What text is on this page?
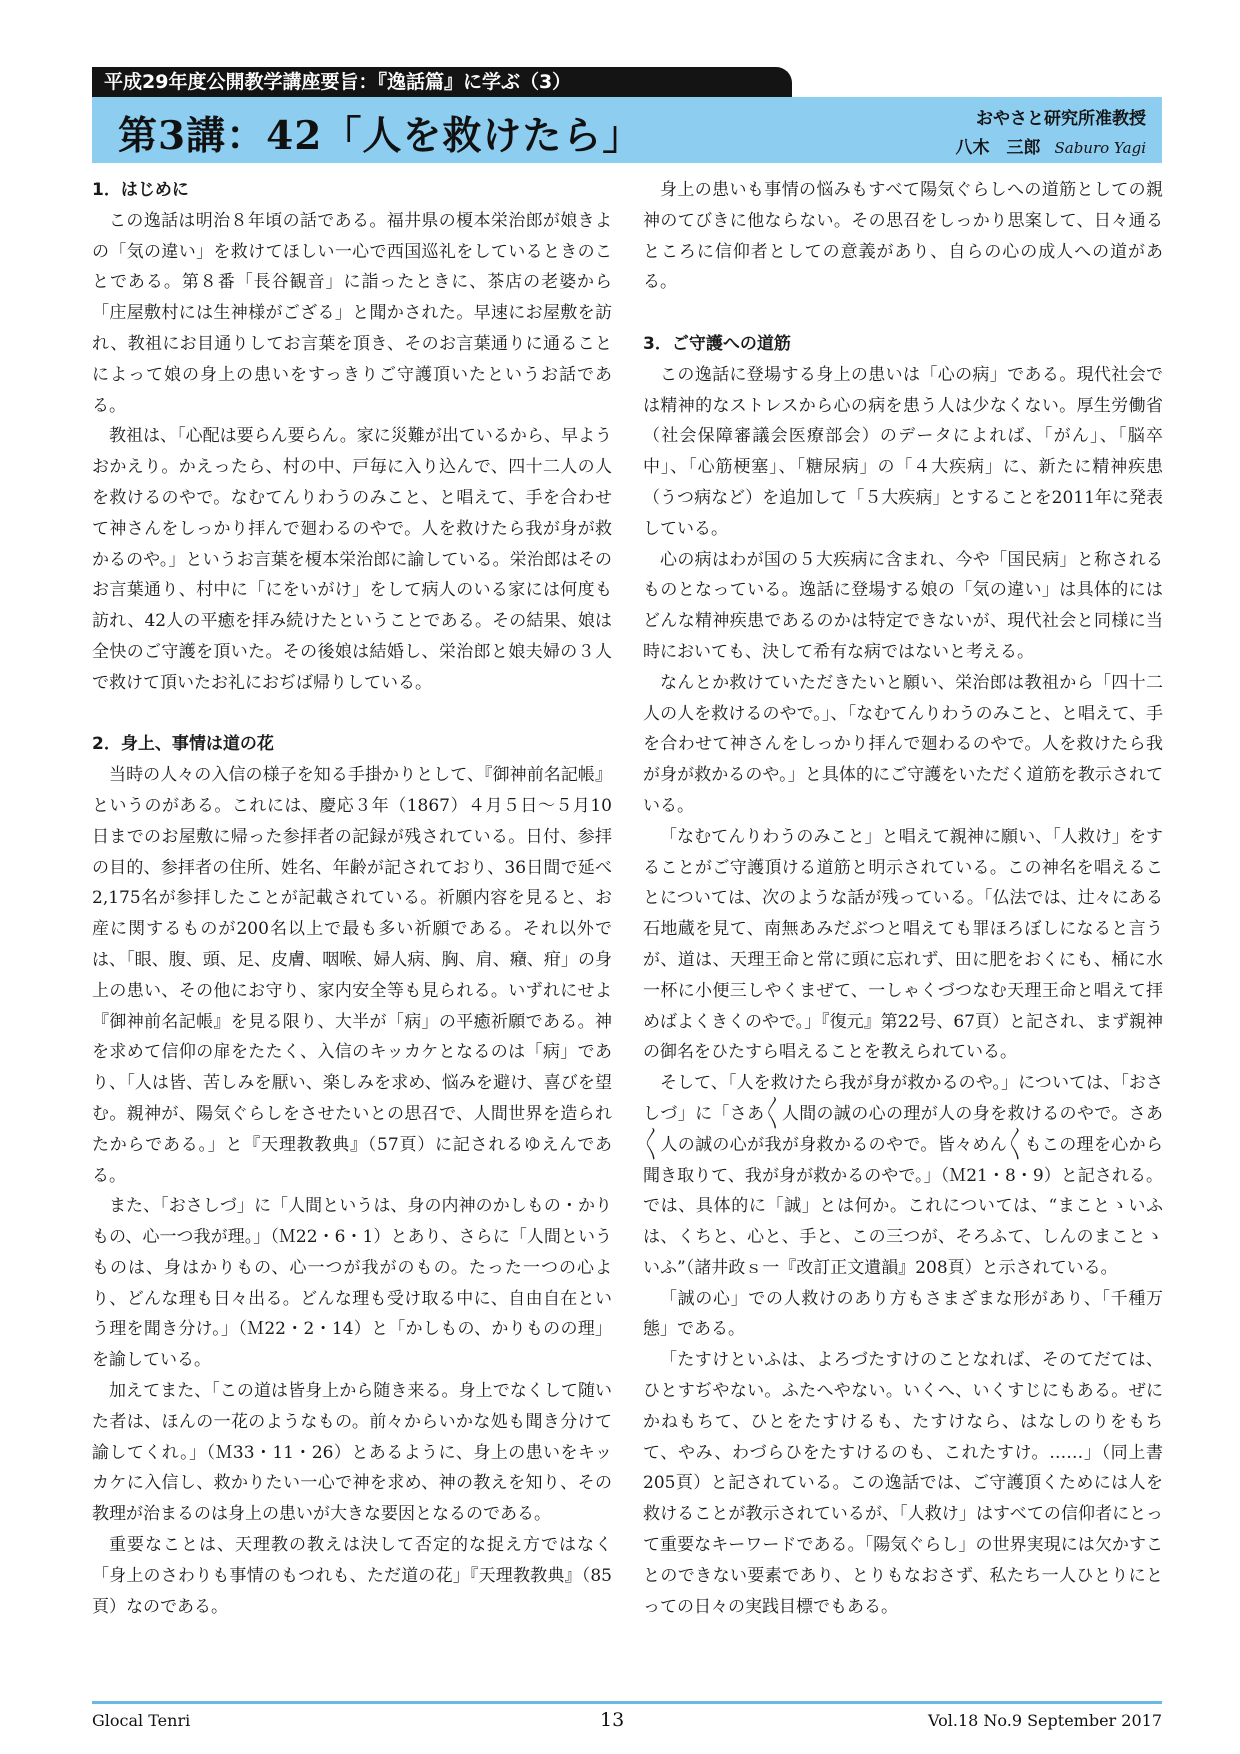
平成29年度公開教学講座要旨：『逸話篇』に学ぶ（3）
第3講：42「人を救けたら」	おやさと研究所准教授
八木　三郎 Saburo Yagi
1．はじめに

この逸話は明治８年頃の話である。福井県の榎本栄治郎が娘きよの「気の違い」を救けてほしい一心で西国巡礼をしているときのことである。第８番「長谷観音」に詣ったときに、茶店の老婆から「庄屋敷村には生神様がござる」と聞かされた。早速にお屋敷を訪れ、教祖にお目通りしてお言葉を頂き、そのお言葉通りに通ることによって娘の身上の患いをすっきりご守護頂いたというお話である。

教祖は、「心配は要らん要らん。家に災難が出ているから、早ようおかえり。かえったら、村の中、戸毎に入り込んで、四十二人の人を救けるのやで。なむてんりわうのみこと、と唱えて、手を合わせて神さんをしっかり拝んで廻わるのやで。人を救けたら我が身が救かるのや。」というお言葉を榎本栄治郎に諭している。栄治郎はそのお言葉通り、村中に「にをいがけ」をして病人のいる家には何度も訪れ、42人の平癒を拝み続けたということである。その結果、娘は全快のご守護を頂いた。その後娘は結婚し、栄治郎と娘夫婦の３人で救けて頂いたお礼におぢば帰りしている。

2．身上、事情は道の花

当時の人々の入信の様子を知る手掛かりとして、『御神前名記帳』というのがある。これには、慶応３年（1867）４月５日～５月10日までのお屋敷に帰った参拝者の記録が残されている。日付、参拝の目的、参拝者の住所、姓名、年齢が記されており、36日間で延べ2,175名が参拝したことが記載されている。祈願内容を見ると、お産に関するものが200名以上で最も多い祈願である。それ以外では、「眼、腹、頭、足、皮膚、咽喉、婦人病、胸、肩、癪、疳」の身上の患い、その他にお守り、家内安全等も見られる。いずれにせよ『御神前名記帳』を見る限り、大半が「病」の平癒祈願である。神を求めて信仰の扉をたたく、入信のキッカケとなるのは「病」であり、「人は皆、苦しみを厭い、楽しみを求め、悩みを避け、喜びを望む。親神が、陽気ぐらしをさせたいとの思召で、人間世界を造られたからである。」と『天理教教典』（57頁）に記されるゆえんである。

また、「おさしづ」に「人間というは、身の内神のかしもの・かりもの、心一つ我が理。」（Ｍ22・6・1）とあり、さらに「人間というものは、身はかりもの、心一つが我がのもの。たった一つの心より、どんな理も日々出る。どんな理も受け取る中に、自由自在という理を聞き分け。」（Ｍ22・2・14）と「かしもの、かりものの理」を諭している。

加えてまた、「この道は皆身上から随き来る。身上でなくして随いた者は、ほんの一花のようなもの。前々からいかな処も聞き分けて諭してくれ。」（Ｍ33・11・26）とあるように、身上の患いをキッカケに入信し、救かりたい一心で神を求め、神の教えを知り、その教理が治まるのは身上の患いが大きな要因となるのである。

重要なことは、天理教の教えは決して否定的な捉え方ではなく「身上のさわりも事情のもつれも、ただ道の花」『天理教教典』（85頁）なのである。

身上の患いも事情の悩みもすべて陽気ぐらしへの道筋としての親神のてびきに他ならない。その思召をしっかり思案して、日々通るところに信仰者としての意義があり、自らの心の成人への道がある。

3．ご守護への道筋

この逸話に登場する身上の患いは「心の病」である。現代社会では精神的なストレスから心の病を患う人は少なくない。厚生労働省（社会保障審議会医療部会）のデータによれば、「がん」、「脳卒中」、「心筋梗塞」、「糖尿病」の「４大疾病」に、新たに精神疾患（うつ病など）を追加して「５大疾病」とすることを2011年に発表している。

心の病はわが国の５大疾病に含まれ、今や「国民病」と称されるものとなっている。逸話に登場する娘の「気の違い」は具体的にはどんな精神疾患であるのかは特定できないが、現代社会と同様に当時においても、決して希有な病ではないと考える。

なんとか救けていただきたいと願い、栄治郎は教祖から「四十二人の人を救けるのやで。」、「なむてんりわうのみこと、と唱えて、手を合わせて神さんをしっかり拝んで廻わるのやで。人を救けたら我が身が救かるのや。」と具体的にご守護をいただく道筋を教示されている。

「なむてんりわうのみこと」と唱えて親神に願い、「人救け」をすることがご守護頂ける道筋と明示されている。この神名を唱えることについては、次のような話が残っている。「仏法では、辻々にある石地蔵を見て、南無あみだぶつと唱えても罪ほろぼしになると言うが、道は、天理王命と常に頭に忘れず、田に肥をおくにも、桶に水一杯に小便三しやくまぜて、一しゃくづつなむ天理王命と唱えて拝めばよくきくのやで。」『復元』第22号、67頁）と記され、まず親神の御名をひたすら唱えることを教えられている。

そして、「人を救けたら我が身が救かるのや。」については、「おさしづ」に「さあ〱人間の誠の心の理が人の身を救けるのやで。さあ〱人の誠の心が我が身救かるのやで。皆々めん〱もこの理を心から聞き取りて、我が身が救かるのやで。」（Ｍ21・8・9）と記される。では、具体的に「誠」とは何か。これについては、“まことゝいふは、くちと、心と、手と、この三つが、そろふて、しんのまことゝいふ”（諸井政ｓ一『改訂正文遺韻』208頁）と示されている。

「誠の心」での人救けのあり方もさまざまな形があり、「千種万態」である。

「たすけといふは、よろづたすけのことなれば、そのてだては、ひとすぢやない。ふたへやない。いくへ、いくすじにもある。ぜにかねもちて、ひとをたすけるも、たすけなら、はなしのりをもちて、やみ、わづらひをたすけるのも、これたすけ。……」（同上書205頁）と記されている。この逸話では、ご守護頂くためには人を救けることが教示されているが、「人救け」はすべての信仰者にとって重要なキーワードである。「陽気ぐらし」の世界実現には欠かすことのできない要素であり、とりもなおさず、私たち一人ひとりにとっての日々の実践目標でもある。

Glocal Tenri	13	Vol.18 No.9 September 2017
